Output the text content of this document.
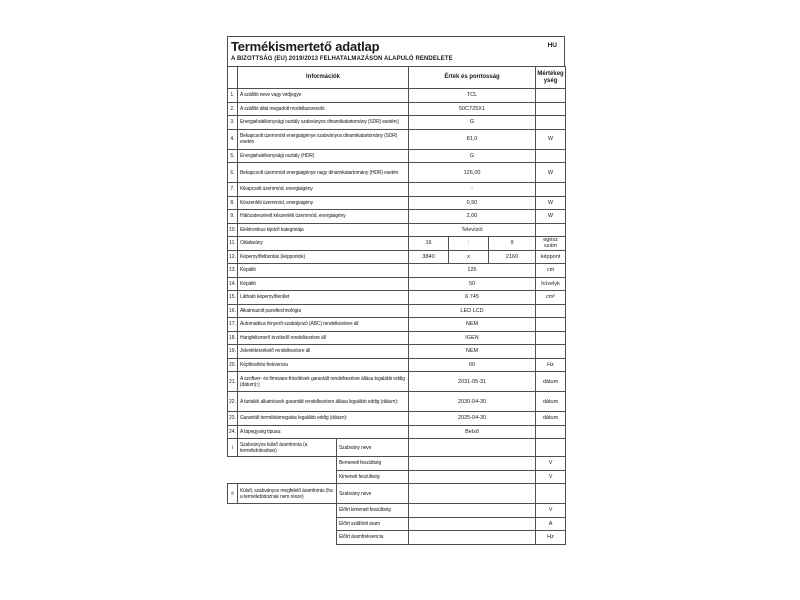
Termékismertető adatlap	HU
A BIZOTTSÁG (EU) 2019/2013 FELHATALMAZÁSON ALAPULÓ RENDELETE
	Információk		Érték és pontosság			Mértékegység
1.	A szállító neve vagy védjegye		TCL			
2.	A szállító által megadott modellazonosító		50C725X1			
3.	Energiahatékonysági osztály szabványos dinamikatartomány (SDR) esetén▯		G			
4.	Bekapcsolt üzemmód energiaigénye szabványos dinamikatartomány (SDR) esetén		81,0			W
5.	Energiahatékonysági osztály (HDR)		G			
6.	Bekapcsolt üzemmód energiaigénye nagy dinamikatartomány (HDR) esetén		126,00			W
7.	Kikapcsolt üzemmód, energiaigény		-			
8.	Készenléti üzemmód, energiaigény		0,50			W
9.	Hálózatvezérelt készenléti üzemmód, energiaigény		2,00			W
10.	Elektronikus kijelző kategóriája		Televízió			
11.	Oldalarány		16	:	9	egész szám
12.	Képernyőfelbontás (képpontok)		3840	x	2160	képpont
13.	Képátló		126			cm
14.	Képátló		50			hüvelyk
15.	Látható képernyőterület		6 745			cm²
16.	Alkalmazott paneltechnológia		LED LCD			
17.	Automatikus fényerő-szabályozó (ABC) rendelkezésre áll		NEM			
18.	Hangfelismerő érzékelő rendelkezésre áll		IGEN			
19.	Jelenlétérzékelő rendelkezésre áll		NEM			
20.	Képfrissítési frekvencia		60			Hz
21.	A szoftver- és firmware-frissítések garantált rendelkezésre állása legalább eddig (dátum):▯		2031-05-31			dátum
22.	A tartalék alkatrészek garantált rendelkezésre állása legalább eddig (dátum):		2030-04-30			dátum
23.	Garantált terméktámogatás legalább eddig (dátum):		2025-04-30			dátum
24.	A tápegység típusa:		Belső			
i	Szabványos külső áramforrás (a termékdobozban)	Szabvány neve				
		Bemeneti feszültség				V
		Kimeneti feszültség				V
ii	Külső, szabványos megfelelő áramforrás (ha a termékdoboznak nem része)	Szabvány neve				
		Előírt kimeneti feszültség				V
		Előírt szállított áram				A
		Előírt áramfrekvencia				Hz
